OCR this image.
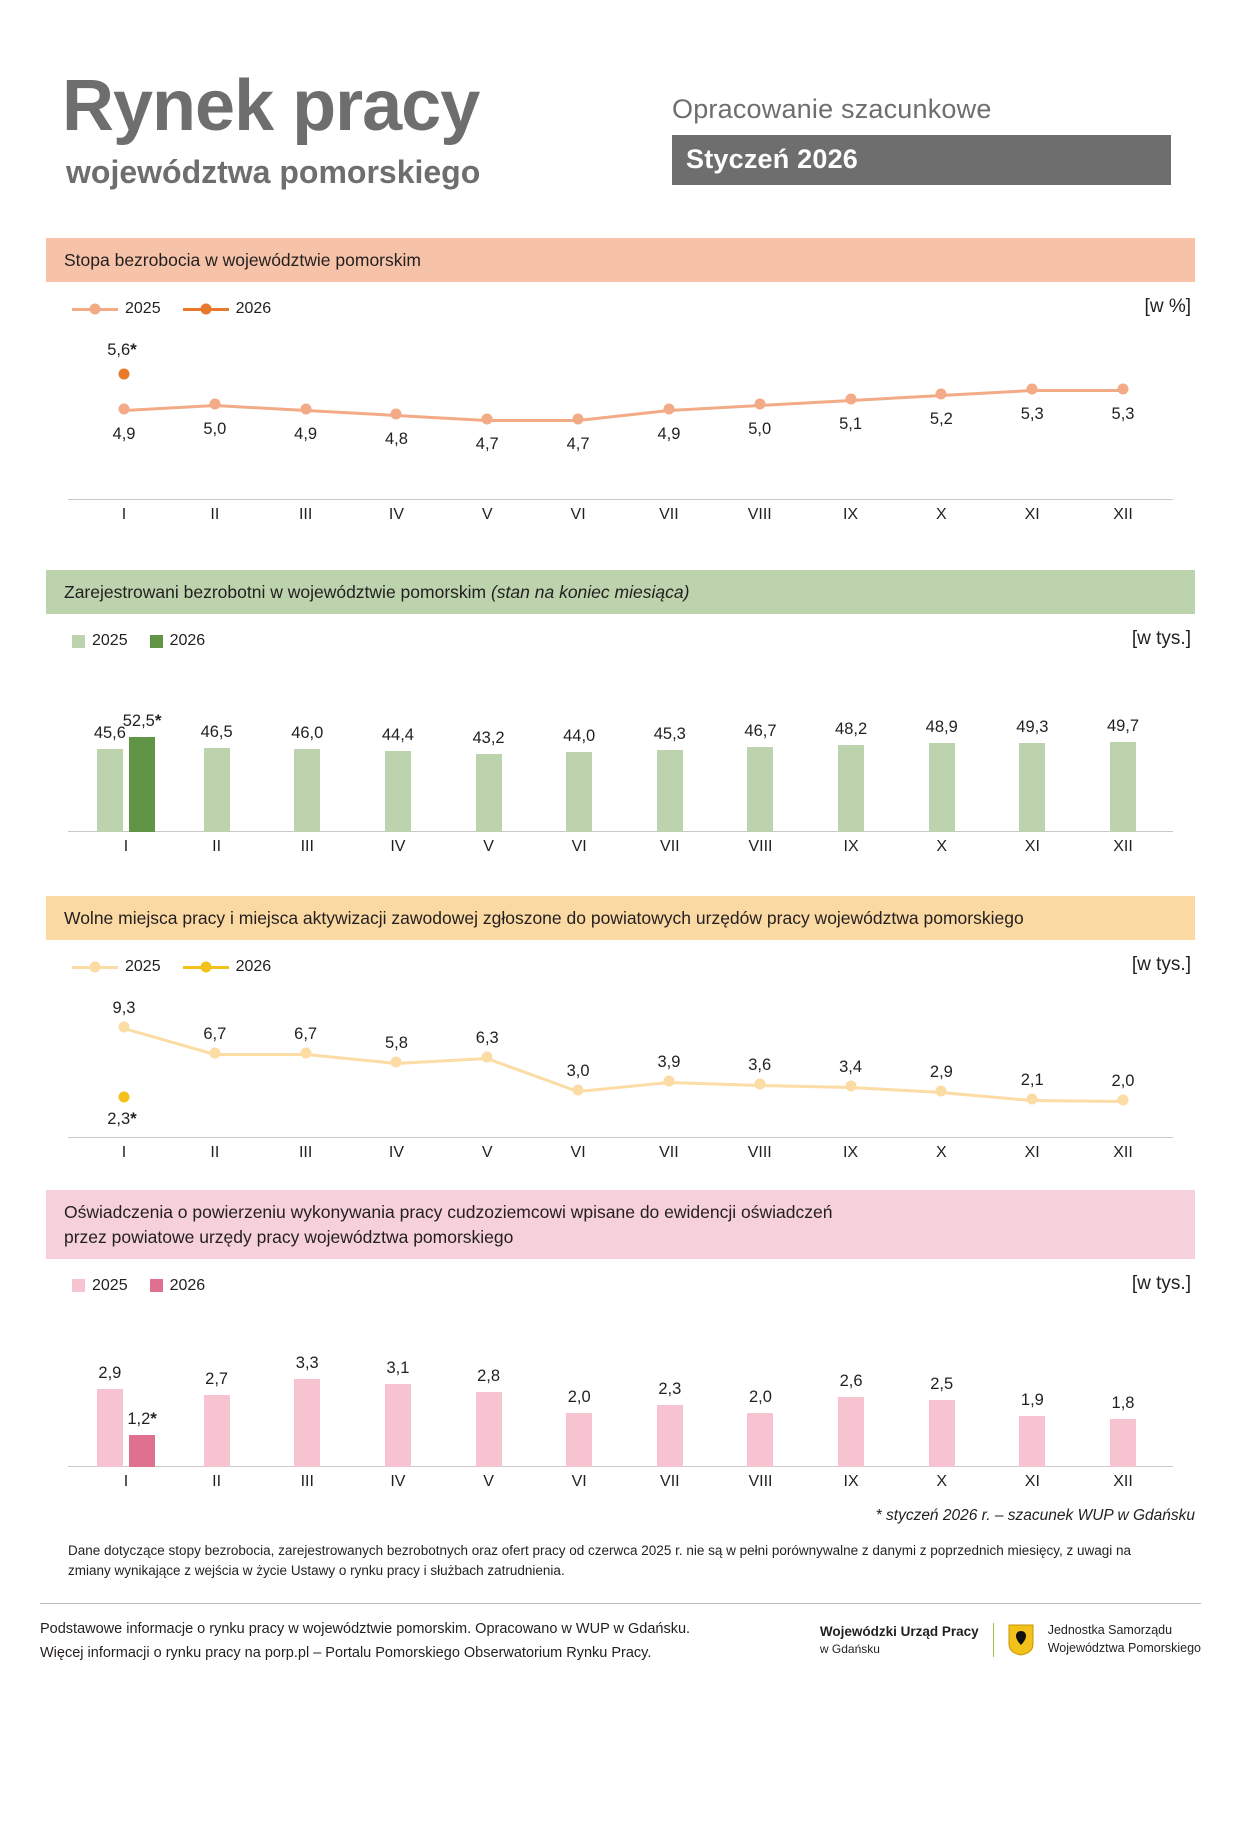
Rynek pracy
województwa pomorskiego
Opracowanie szacunkowe
Styczeń 2026
Stopa bezrobocia w województwie pomorskim
2025	2026	[w %]
4,9	5,0	4,9	4,8	4,7	4,7
4,9	5,0	5,1	5,2	5,3	5,3
5,6*
I	II	III	IV	V	VI	VII	VIII	IX	X	XI	XII
Zarejestrowani bezrobotni w województwie pomorskim (stan na koniec miesiąca)
2025	2026	[w tys.]
45,6
52,5*
46,5	46,0	44,4	43,2	44,0	45,3	46,7	48,2	48,9	49,3	49,7
I	II	III	IV	V	VI	VII	VIII	IX	X	XI	XII
Wolne miejsca pracy i miejsca aktywizacji zawodowej zgłoszone do powiatowych urzędów pracy województwa pomorskiego
2025	2026	[w tys.]
9,3
6,7	6,7	5,8	6,3
3,0	3,9	3,6	3,4	2,9	2,1	2,0
2,3*
I	II	III	IV	V	VI	VII	VIII	IX	X	XI	XII
Oświadczenia o powierzeniu wykonywania pracy cudzoziemcowi wpisane do ewidencji oświadczeń
przez powiatowe urzędy pracy województwa pomorskiego
2025	2026	[w tys.]
2,9
1,2*
2,7
3,3	3,1	2,8
2,0	2,3	2,0
2,6	2,5
1,9	1,8
I	II	III	IV	V	VI	VII	VIII	IX	X	XI	XII
* styczeń 2026 r. – szacunek WUP w Gdańsku
Dane dotyczące stopy bezrobocia, zarejestrowanych bezrobotnych oraz ofert pracy od czerwca 2025 r. nie są w pełni porównywalne z danymi z poprzednich miesięcy, z uwagi na zmiany wynikające z wejścia w życie Ustawy o rynku pracy i służbach zatrudnienia.
Podstawowe informacje o rynku pracy w województwie pomorskim. Opracowano w WUP w Gdańsku.
Więcej informacji o rynku pracy na porp.pl – Portalu Pomorskiego Obserwatorium Rynku Pracy.
Wojewódzki Urząd Pracy
w Gdańsku
Jednostka Samorządu
Województwa Pomorskiego
